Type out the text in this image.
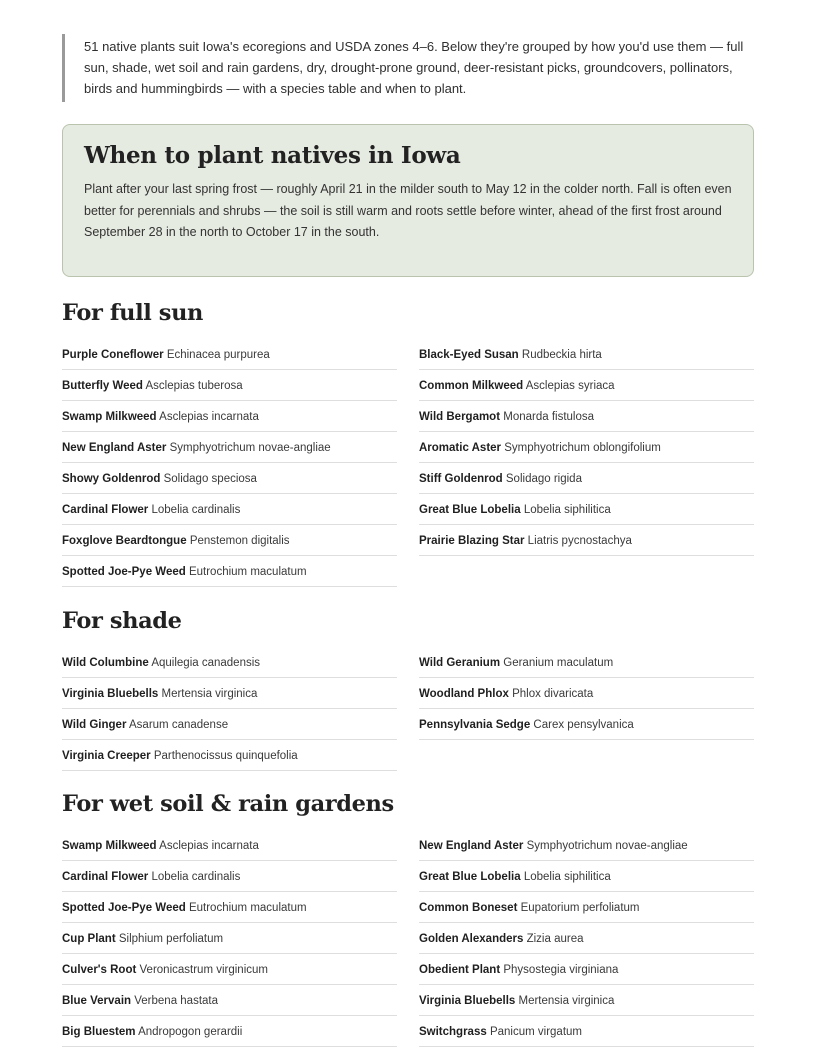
51 native plants suit Iowa's ecoregions and USDA zones 4–6. Below they're grouped by how you'd use them — full sun, shade, wet soil and rain gardens, dry, drought-prone ground, deer-resistant picks, groundcovers, pollinators, birds and hummingbirds — with a species table and when to plant.
When to plant natives in Iowa

Plant after your last spring frost — roughly April 21 in the milder south to May 12 in the colder north. Fall is often even better for perennials and shrubs — the soil is still warm and roots settle before winter, ahead of the first frost around September 28 in the north to October 17 in the south.

For full sun
Purple Coneflower Echinacea purpurea
Butterfly Weed Asclepias tuberosa
Swamp Milkweed Asclepias incarnata
New England Aster Symphyotrichum novae-angliae
Showy Goldenrod Solidago speciosa
Cardinal Flower Lobelia cardinalis
Foxglove Beardtongue Penstemon digitalis
Spotted Joe-Pye Weed Eutrochium maculatum
Black-Eyed Susan Rudbeckia hirta
Common Milkweed Asclepias syriaca
Wild Bergamot Monarda fistulosa
Aromatic Aster Symphyotrichum oblongifolium
Stiff Goldenrod Solidago rigida
Great Blue Lobelia Lobelia siphilitica
Prairie Blazing Star Liatris pycnostachya
For shade
Wild Columbine Aquilegia canadensis
Virginia Bluebells Mertensia virginica
Wild Ginger Asarum canadense
Virginia Creeper Parthenocissus quinquefolia
Wild Geranium Geranium maculatum
Woodland Phlox Phlox divaricata
Pennsylvania Sedge Carex pensylvanica
For wet soil & rain gardens
Swamp Milkweed Asclepias incarnata
Cardinal Flower Lobelia cardinalis
Spotted Joe-Pye Weed Eutrochium maculatum
Cup Plant Silphium perfoliatum
Culver's Root Veronicastrum virginicum
Blue Vervain Verbena hastata
Big Bluestem Andropogon gerardii
New England Aster Symphyotrichum novae-angliae
Great Blue Lobelia Lobelia siphilitica
Common Boneset Eupatorium perfoliatum
Golden Alexanders Zizia aurea
Obedient Plant Physostegia virginiana
Virginia Bluebells Mertensia virginica
Switchgrass Panicum virgatum
